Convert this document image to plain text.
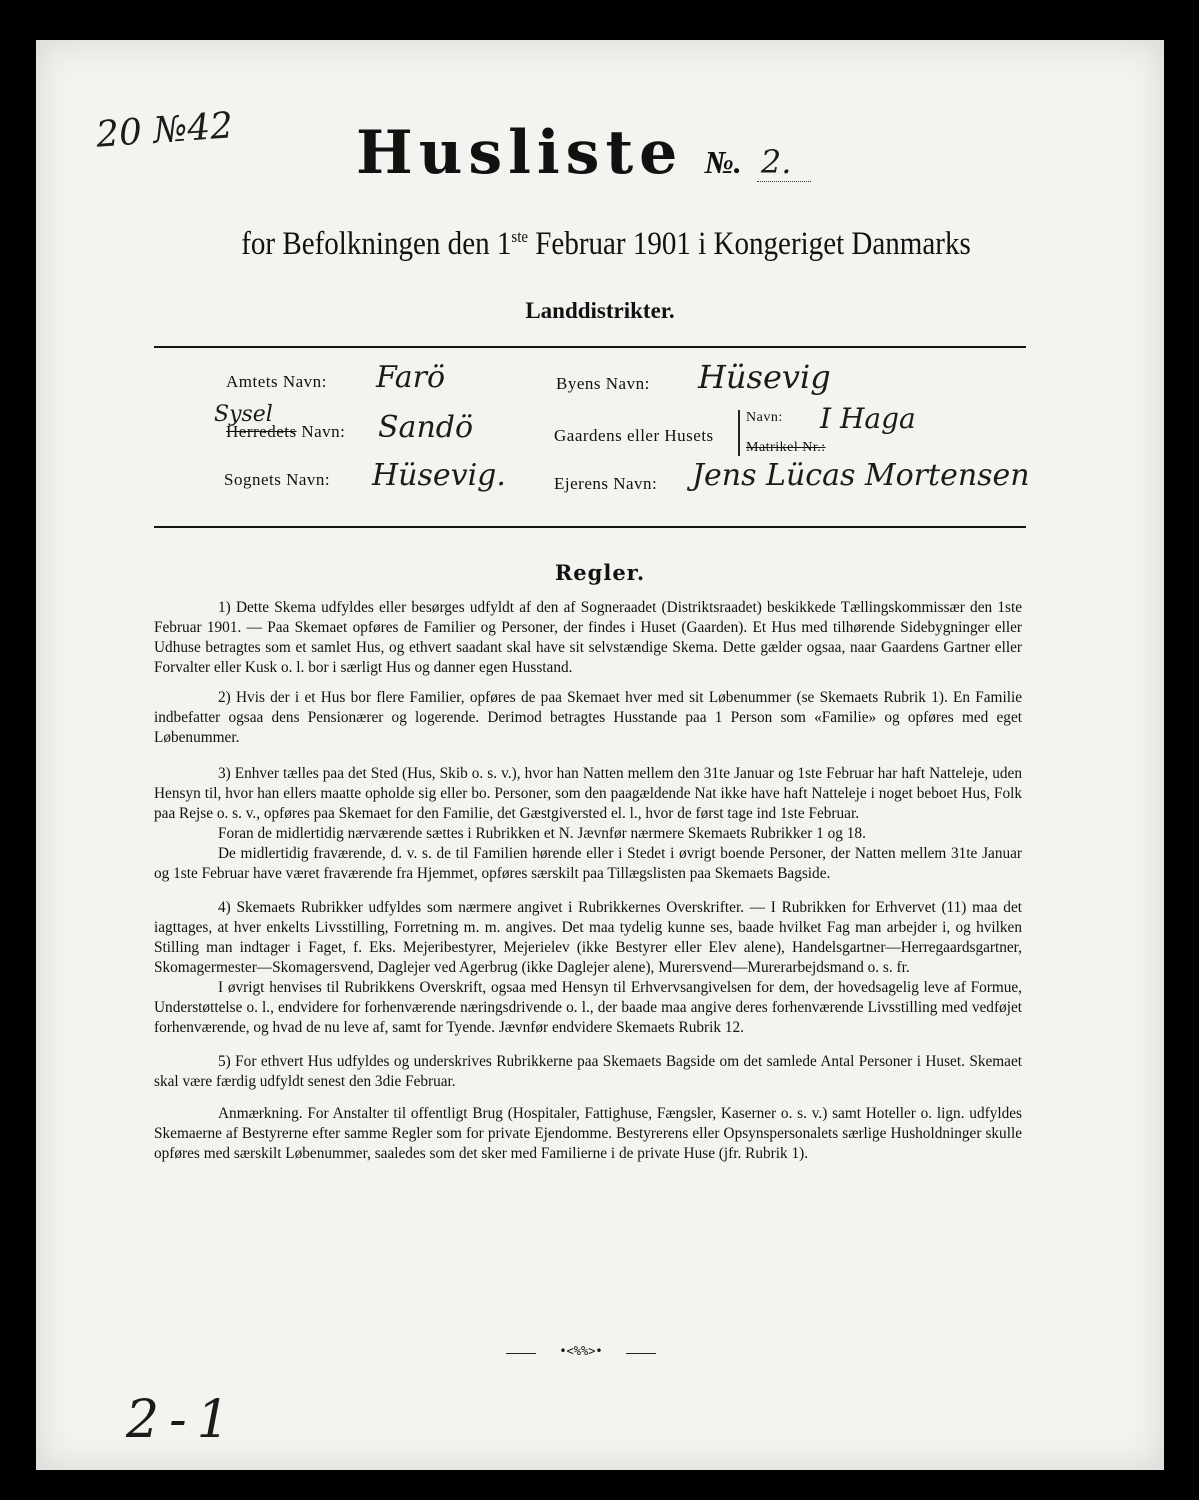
20 №42 Husliste №. 2.
for Befolkningen den 1ste Februar 1901 i Kongeriget Danmarks
Landdistrikter.
Amtets Navn: Farö
Sysel
Herredets Navn: Sandö
Sognets Navn: Hüsevig.
Byens Navn: Hüsevig
Gaardens eller Husets
Navn: I Haga
Matrikel Nr.:
Ejerens Navn: Jens Lücas Mortensen
Regler.

1) Dette Skema udfyldes eller besørges udfyldt af den af Sogneraadet (Distriktsraadet) beskikkede Tællingskommissær den 1ste Februar 1901. — Paa Skemaet opføres de Familier og Personer, der findes i Huset (Gaarden). Et Hus med tilhørende Sidebygninger eller Udhuse betragtes som et samlet Hus, og ethvert saadant skal have sit selvstændige Skema. Dette gælder ogsaa, naar Gaardens Gartner eller Forvalter eller Kusk o. l. bor i særligt Hus og danner egen Husstand.

2) Hvis der i et Hus bor flere Familier, opføres de paa Skemaet hver med sit Løbenummer (se Skemaets Rubrik 1). En Familie indbefatter ogsaa dens Pensionærer og logerende. Derimod betragtes Husstande paa 1 Person som «Familie» og opføres med eget Løbenummer.

3) Enhver tælles paa det Sted (Hus, Skib o. s. v.), hvor han Natten mellem den 31te Januar og 1ste Februar har haft Natteleje, uden Hensyn til, hvor han ellers maatte opholde sig eller bo. Personer, som den paagældende Nat ikke have haft Natteleje i noget beboet Hus, Folk paa Rejse o. s. v., opføres paa Skemaet for den Familie, det Gæstgiversted el. l., hvor de først tage ind 1ste Februar.

Foran de midlertidig nærværende sættes i Rubrikken et N. Jævnfør nærmere Skemaets Rubrikker 1 og 18.

De midlertidig fraværende, d. v. s. de til Familien hørende eller i Stedet i øvrigt boende Personer, der Natten mellem 31te Januar og 1ste Februar have været fraværende fra Hjemmet, opføres særskilt paa Tillægslisten paa Skemaets Bagside.

4) Skemaets Rubrikker udfyldes som nærmere angivet i Rubrikkernes Overskrifter. — I Rubrikken for Erhvervet (11) maa det iagttages, at hver enkelts Livsstilling, Forretning m. m. angives. Det maa tydelig kunne ses, baade hvilket Fag man arbejder i, og hvilken Stilling man indtager i Faget, f. Eks. Mejeribestyrer, Mejerielev (ikke Bestyrer eller Elev alene), Handelsgartner—Herregaardsgartner, Skomagermester—Skomagersvend, Daglejer ved Agerbrug (ikke Daglejer alene), Murersvend—Murerarbejdsmand o. s. fr.

I øvrigt henvises til Rubrikkens Overskrift, ogsaa med Hensyn til Erhvervsangivelsen for dem, der hovedsagelig leve af Formue, Understøttelse o. l., endvidere for forhenværende næringsdrivende o. l., der baade maa angive deres forhenværende Livsstilling med vedføjet forhenværende, og hvad de nu leve af, samt for Tyende. Jævnfør endvidere Skemaets Rubrik 12.

5) For ethvert Hus udfyldes og underskrives Rubrikkerne paa Skemaets Bagside om det samlede Antal Personer i Huset. Skemaet skal være færdig udfyldt senest den 3die Februar.

Anmærkning. For Anstalter til offentligt Brug (Hospitaler, Fattighuse, Fængsler, Kaserner o. s. v.) samt Hoteller o. lign. udfyldes Skemaerne af Bestyrerne efter samme Regler som for private Ejendomme. Bestyrerens eller Opsynspersonalets særlige Husholdninger skulle opføres med særskilt Løbenummer, saaledes som det sker med Familierne i de private Huse (jfr. Rubrik 1).

•<%%>•
2-1
